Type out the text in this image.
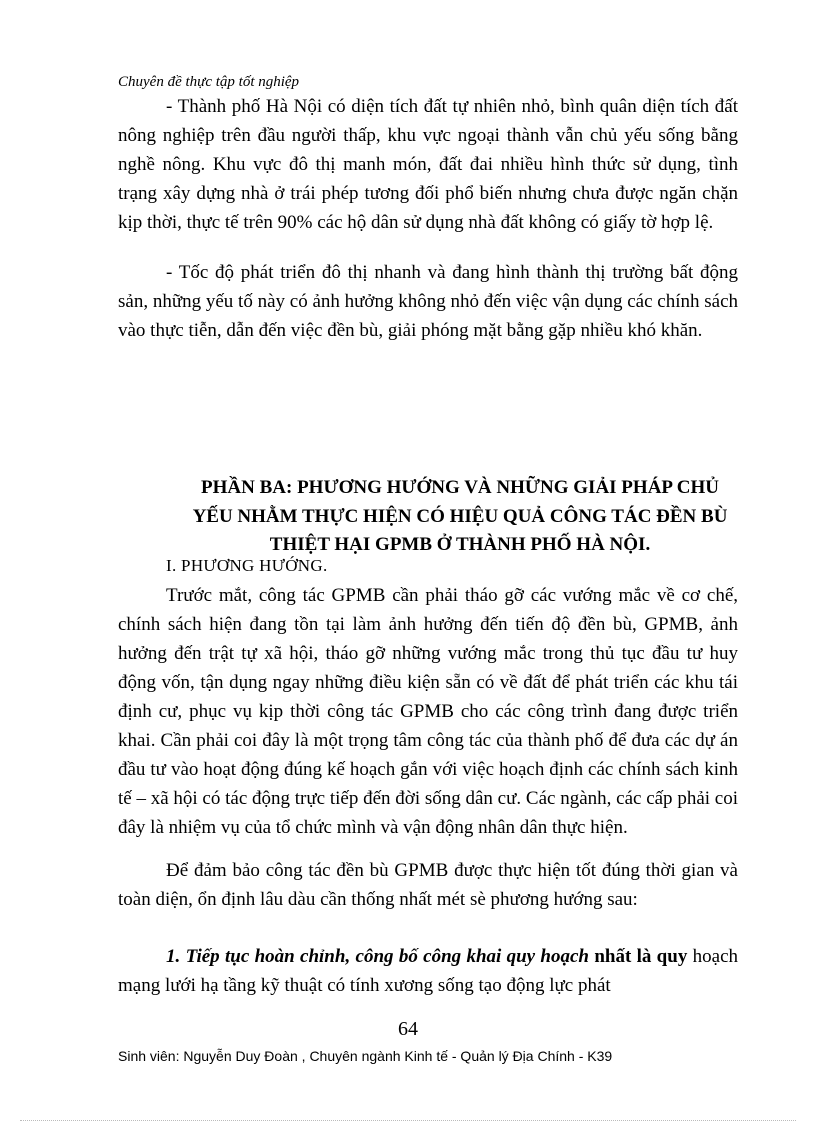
Chuyên đề thực tập tốt nghiệp

- Thành phố Hà Nội có diện tích đất tự nhiên nhỏ, bình quân diện tích đất nông nghiệp trên đầu người thấp, khu vực ngoại thành vẫn chủ yếu sống bằng nghề nông. Khu vực đô thị manh món, đất đai nhiều hình thức sử dụng, tình trạng xây dựng nhà ở trái phép tương đối phổ biến nhưng chưa được ngăn chặn kịp thời, thực tế trên 90% các hộ dân sử dụng nhà đất không có giấy tờ hợp lệ.

- Tốc độ phát triển đô thị nhanh và đang hình thành thị trường bất động sản, những yếu tố này có ảnh hưởng không nhỏ đến việc vận dụng các chính sách vào thực tiễn, dẫn đến việc đền bù, giải phóng mặt bằng gặp nhiều khó khăn.

PHẦN BA: PHƯƠNG HƯỚNG VÀ NHỮNG GIẢI PHÁP CHỦ
YẾU NHẰM THỰC HIỆN CÓ HIỆU QUẢ CÔNG TÁC ĐỀN BÙ
THIỆT HẠI GPMB Ở THÀNH PHỐ HÀ NỘI.
I. PHƯƠNG HƯỚNG.

Trước mắt, công tác GPMB cần phải tháo gỡ các vướng mắc về cơ chế, chính sách hiện đang tồn tại làm ảnh hưởng đến tiến độ đền bù, GPMB, ảnh hưởng đến trật tự xã hội, tháo gỡ những vướng mắc trong thủ tục đầu tư huy động vốn, tận dụng ngay những điều kiện sẵn có về đất để phát triển các khu tái định cư, phục vụ kịp thời công tác GPMB cho các công trình đang được triển khai. Cần phải coi đây là một trọng tâm công tác của thành phố để đưa các dự án đầu tư vào hoạt động đúng kế hoạch gắn với việc hoạch định các chính sách kinh tế – xã hội có tác động trực tiếp đến đời sống dân cư. Các ngành, các cấp phải coi đây là nhiệm vụ của tổ chức mình và vận động nhân dân thực hiện.

Để đảm bảo công tác đền bù GPMB được thực hiện tốt đúng thời gian và toàn diện, ổn định lâu dàu cần thống nhất mét sè phương hướng sau:

1. Tiếp tục hoàn chỉnh, công bố công khai quy hoạch nhất là quy hoạch mạng lưới hạ tầng kỹ thuật có tính xương sống tạo động lực phát

64
Sinh viên: Nguyễn Duy Đoàn , Chuyên ngành Kinh tế - Quản lý Địa Chính - K39
